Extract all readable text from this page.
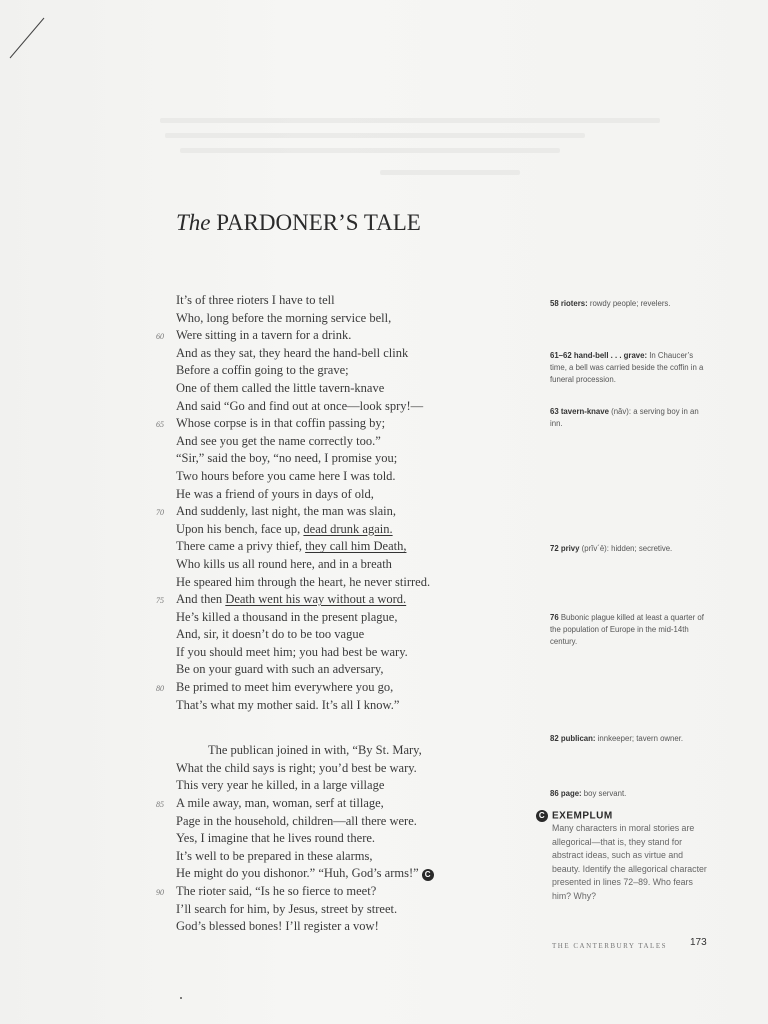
The PARDONER’S TALE
It’s of three rioters I have to tell
Who, long before the morning service bell,
60 Were sitting in a tavern for a drink.
And as they sat, they heard the hand-bell clink
Before a coffin going to the grave;
One of them called the little tavern-knave
And said “Go and find out at once—look spry!—
65 Whose corpse is in that coffin passing by;
And see you get the name correctly too.”
“Sir,” said the boy, “no need, I promise you;
Two hours before you came here I was told.
He was a friend of yours in days of old,
70 And suddenly, last night, the man was slain,
Upon his bench, face up, dead drunk again.
There came a privy thief, they call him Death,
Who kills us all round here, and in a breath
He speared him through the heart, he never stirred.
75 And then Death went his way without a word.
He’s killed a thousand in the present plague,
And, sir, it doesn’t do to be too vague
If you should meet him; you had best be wary.
Be on your guard with such an adversary,
80 Be primed to meet him everywhere you go,
That’s what my mother said. It’s all I know.”
The publican joined in with, “By St. Mary,
What the child says is right; you’d best be wary.
This very year he killed, in a large village
85 A mile away, man, woman, serf at tillage,
Page in the household, children—all there were.
Yes, I imagine that he lives round there.
It’s well to be prepared in these alarms,
He might do you dishonor.” “Huh, God’s arms!” C
90 The rioter said, “Is he so fierce to meet?
I’ll search for him, by Jesus, street by street.
God’s blessed bones! I’ll register a vow!
58 rioters: rowdy people; revelers.
61–62 hand-bell . . . grave: In Chaucer’s time, a bell was carried beside the coffin in a funeral procession.
63 tavern-knave (năv): a serving boy in an inn.
72 privy (prĭv´ē): hidden; secretive.
76 Bubonic plague killed at least a quarter of the population of Europe in the mid-14th century.
82 publican: innkeeper; tavern owner.
86 page: boy servant.
C EXEMPLUM
Many characters in moral stories are allegorical—that is, they stand for abstract ideas, such as virtue and beauty. Identify the allegorical character presented in lines 72–89. Who fears him? Why?
THE CANTERBURY TALES 173
